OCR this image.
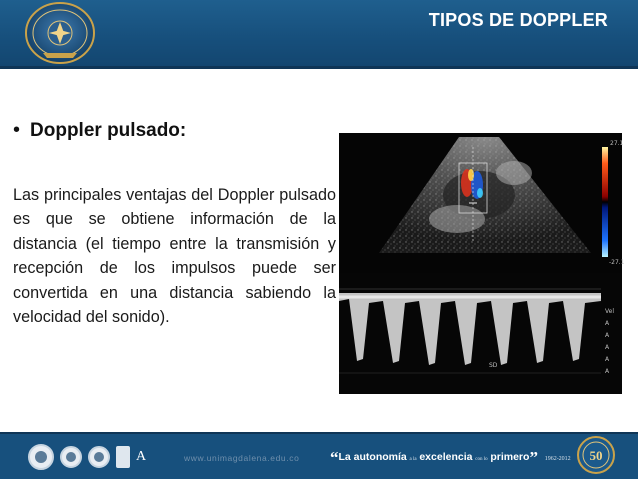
TIPOS DE DOPPLER
• Doppler pulsado:
Las principales ventajas del Doppler pulsado es que se obtiene información de la distancia (el tiempo entre la transmisión y recepción de los impulsos puede ser convertida en una distancia sabiendo la velocidad del sonido).
27.1
-27.1
Vel
A
A
A
A
A
SD
A	www.unimagdalena.edu.co “La autonomía a la excelencia con lo primero” 1962-2012 50
